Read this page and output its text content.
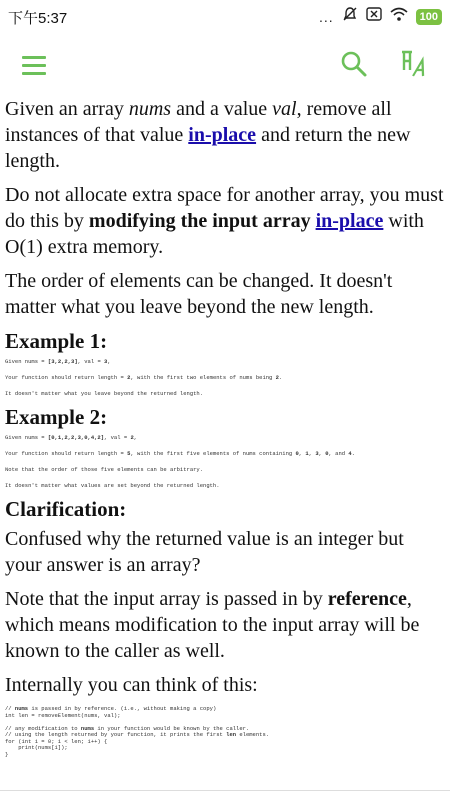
下午5:37	...	100

Given an array nums and a value val, remove all instances of that value in-place and return the new length.

Do not allocate extra space for another array, you must do this by modifying the input array in-place with O(1) extra memory.

The order of elements can be changed. It doesn't matter what you leave beyond the new length.

Example 1:
Given nums = [3,2,2,3], val = 3,

Your function should return length = 2, with the first two elements of nums being 2.

It doesn't matter what you leave beyond the returned length.
Example 2:
Given nums = [0,1,2,2,3,0,4,2], val = 2,

Your function should return length = 5, with the first five elements of nums containing 0, 1, 3, 0, and 4.

Note that the order of those five elements can be arbitrary.

It doesn't matter what values are set beyond the returned length.
Clarification:

Confused why the returned value is an integer but your answer is an array?

Note that the input array is passed in by reference, which means modification to the input array will be known to the caller as well.

Internally you can think of this:

// nums is passed in by reference. (i.e., without making a copy)
int len = removeElement(nums, val);

// any modification to nums in your function would be known by the caller.
// using the length returned by your function, it prints the first len elements.
for (int i = 0; i < len; i++) {
print(nums[i]);
}
